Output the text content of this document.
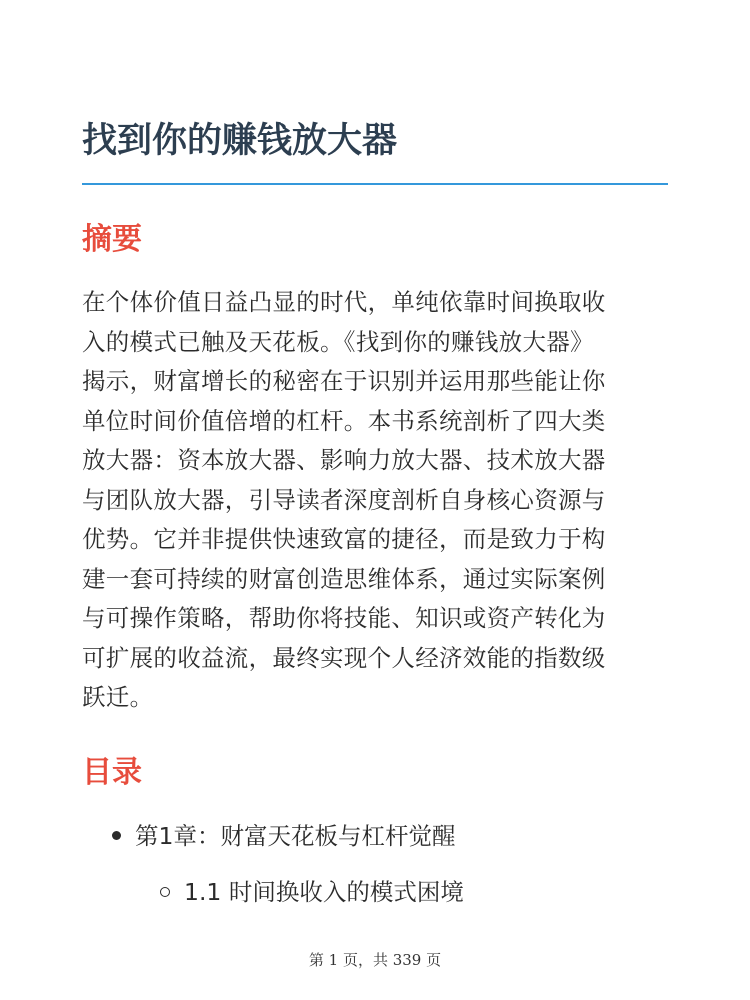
找到你的赚钱放大器
摘要

在个体价值日益凸显的时代，单纯依靠时间换取收
入的模式已触及天花板。《找到你的赚钱放大器》
揭示，财富增长的秘密在于识别并运用那些能让你
单位时间价值倍增的杠杆。本书系统剖析了四大类
放大器：资本放大器、影响力放大器、技术放大器
与团队放大器，引导读者深度剖析自身核心资源与
优势。它并非提供快速致富的捷径，而是致力于构
建一套可持续的财富创造思维体系，通过实际案例
与可操作策略，帮助你将技能、知识或资产转化为
可扩展的收益流，最终实现个人经济效能的指数级
跃迁。

目录
第1章：财富天花板与杠杆觉醒
1.1 时间换收入的模式困境
第 1 页，共 339 页
